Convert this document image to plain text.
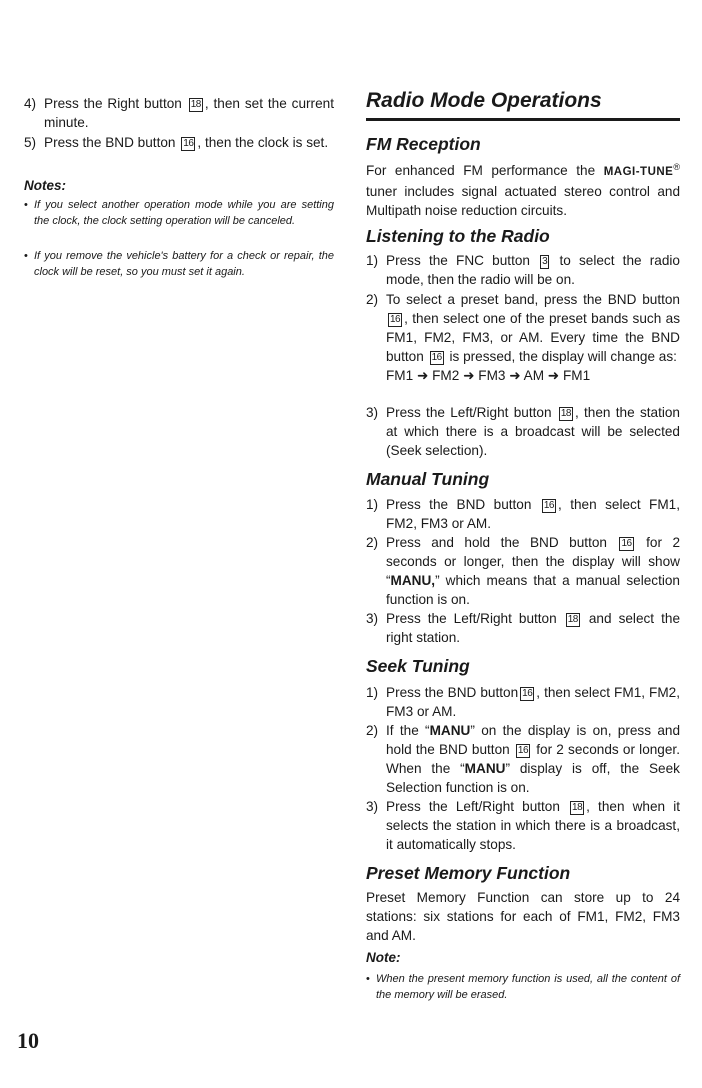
4) Press the Right button 18 , then set the current minute.
5) Press the BND button 16 , then the clock is set.
Notes:
• If you select another operation mode while you are setting the clock, the clock setting operation will be canceled.
• If you remove the vehicle's battery for a check or repair, the clock will be reset, so you must set it again.
Radio Mode Operations
FM Reception
For enhanced FM performance the MAGI-TUNE® tuner includes signal actuated stereo control and Multipath noise reduction circuits.
Listening to the Radio
1) Press the FNC button 3 to select the radio mode, then the radio will be on.
2) To select a preset band, press the BND button 16 , then select one of the preset bands such as FM1, FM2, FM3, or AM. Every time the BND button 16 is pressed, the display will change as:
FM1 ➜ FM2 ➜ FM3 ➜ AM ➜ FM1
3) Press the Left/Right button 18 , then the station at which there is a broadcast will be selected (Seek selection).
Manual Tuning
1) Press the BND button 16 , then select FM1, FM2, FM3 or AM.
2) Press and hold the BND button 16 for 2 seconds or longer, then the display will show “MANU,” which means that a manual selection function is on.
3) Press the Left/Right button 18 and select the right station.
Seek Tuning
1) Press the BND button 16 , then select FM1, FM2, FM3 or AM.
2) If the “MANU” on the display is on, press and hold the BND button 16 for 2 seconds or longer. When the “MANU” display is off, the Seek Selection function is on.
3) Press the Left/Right button 18 , then when it selects the station in which there is a broadcast, it automatically stops.
Preset Memory Function
Preset Memory Function can store up to 24 stations: six stations for each of FM1, FM2, FM3 and AM.
Note:
• When the present memory function is used, all the content of the memory will be erased.
10
